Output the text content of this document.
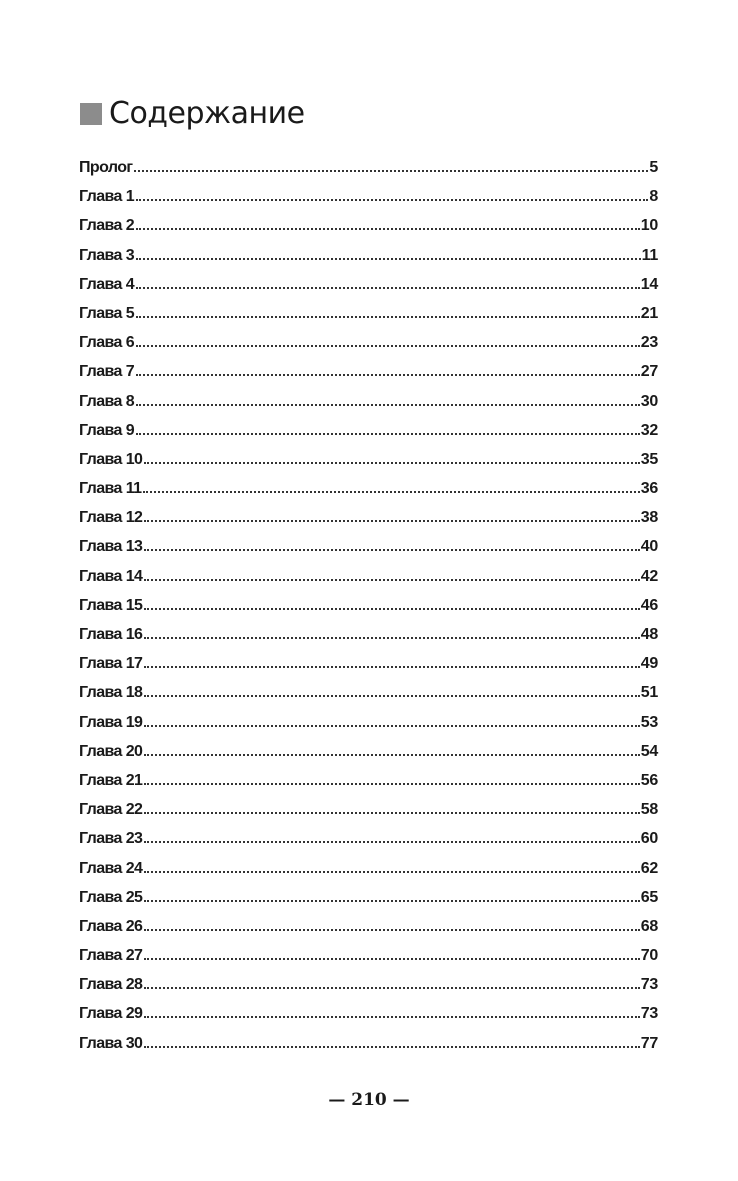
Содержание
Пролог	5
Глава 1	8
Глава 2	10
Глава 3	11
Глава 4	14
Глава 5	21
Глава 6	23
Глава 7	27
Глава 8	30
Глава 9	32
Глава 10	35
Глава 11	36
Глава 12	38
Глава 13	40
Глава 14	42
Глава 15	46
Глава 16	48
Глава 17	49
Глава 18	51
Глава 19	53
Глава 20	54
Глава 21	56
Глава 22	58
Глава 23	60
Глава 24	62
Глава 25	65
Глава 26	68
Глава 27	70
Глава 28	73
Глава 29	73
Глава 30	77
— 210 —
